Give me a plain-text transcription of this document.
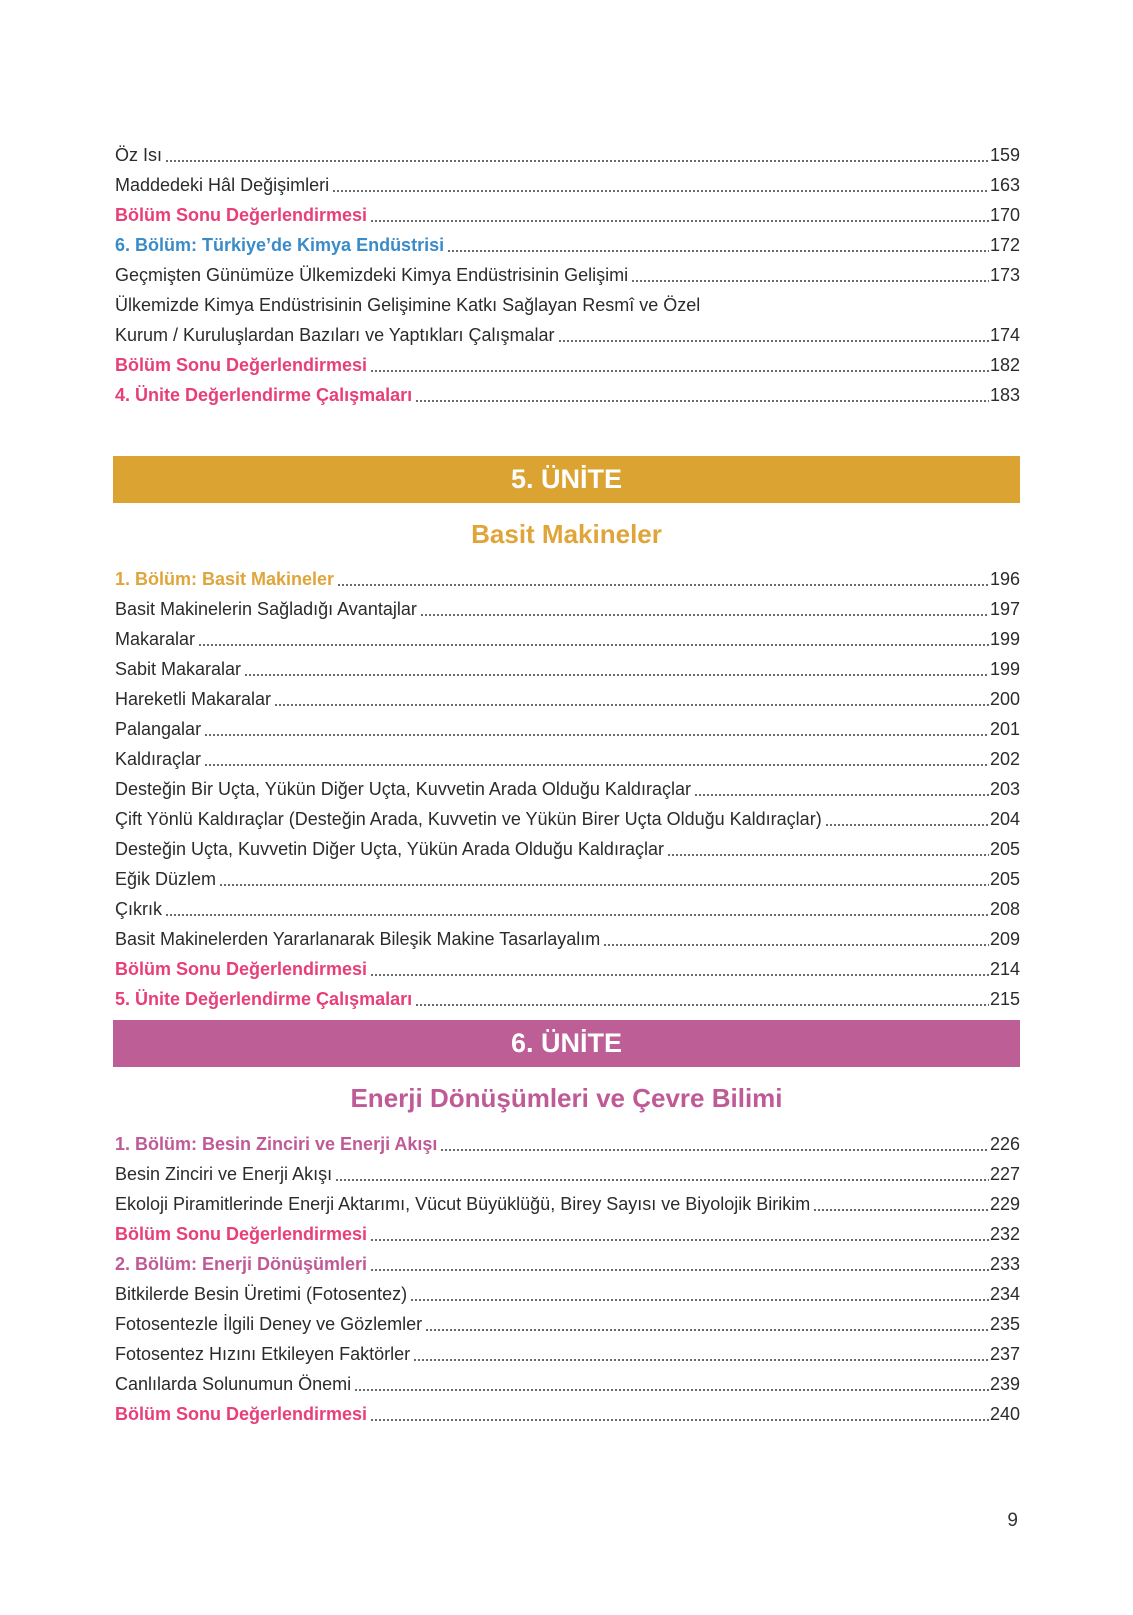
Öz Isı	159
Maddedeki Hâl Değişimleri	163
Bölüm Sonu Değerlendirmesi	170
6. Bölüm: Türkiye’de Kimya Endüstrisi	172
Geçmişten Günümüze Ülkemizdeki Kimya Endüstrisinin Gelişimi	173
Ülkemizde Kimya Endüstrisinin Gelişimine Katkı Sağlayan Resmî ve Özel
Kurum / Kuruluşlardan Bazıları ve Yaptıkları Çalışmalar	174
Bölüm Sonu Değerlendirmesi	182
4. Ünite Değerlendirme Çalışmaları	183
5. ÜNİTE
Basit Makineler
1. Bölüm: Basit Makineler	196
Basit Makinelerin Sağladığı Avantajlar	197
Makaralar	199
Sabit Makaralar	199
Hareketli Makaralar	200
Palangalar	201
Kaldıraçlar	202
Desteğin Bir Uçta, Yükün Diğer Uçta, Kuvvetin Arada Olduğu Kaldıraçlar	203
Çift Yönlü Kaldıraçlar (Desteğin Arada, Kuvvetin ve Yükün Birer Uçta Olduğu Kaldıraçlar)	204
Desteğin Uçta, Kuvvetin Diğer Uçta, Yükün Arada Olduğu Kaldıraçlar	205
Eğik Düzlem	205
Çıkrık	208
Basit Makinelerden Yararlanarak Bileşik Makine Tasarlayalım	209
Bölüm Sonu Değerlendirmesi	214
5. Ünite Değerlendirme Çalışmaları	215
6. ÜNİTE
Enerji Dönüşümleri ve Çevre Bilimi
1. Bölüm: Besin Zinciri ve Enerji Akışı	226
Besin Zinciri ve Enerji Akışı	227
Ekoloji Piramitlerinde Enerji Aktarımı, Vücut Büyüklüğü, Birey Sayısı ve Biyolojik Birikim	229
Bölüm Sonu Değerlendirmesi	232
2. Bölüm: Enerji Dönüşümleri	233
Bitkilerde Besin Üretimi (Fotosentez)	234
Fotosentezle İlgili Deney ve Gözlemler	235
Fotosentez Hızını Etkileyen Faktörler	237
Canlılarda Solunumun Önemi	239
Bölüm Sonu Değerlendirmesi	240
9
